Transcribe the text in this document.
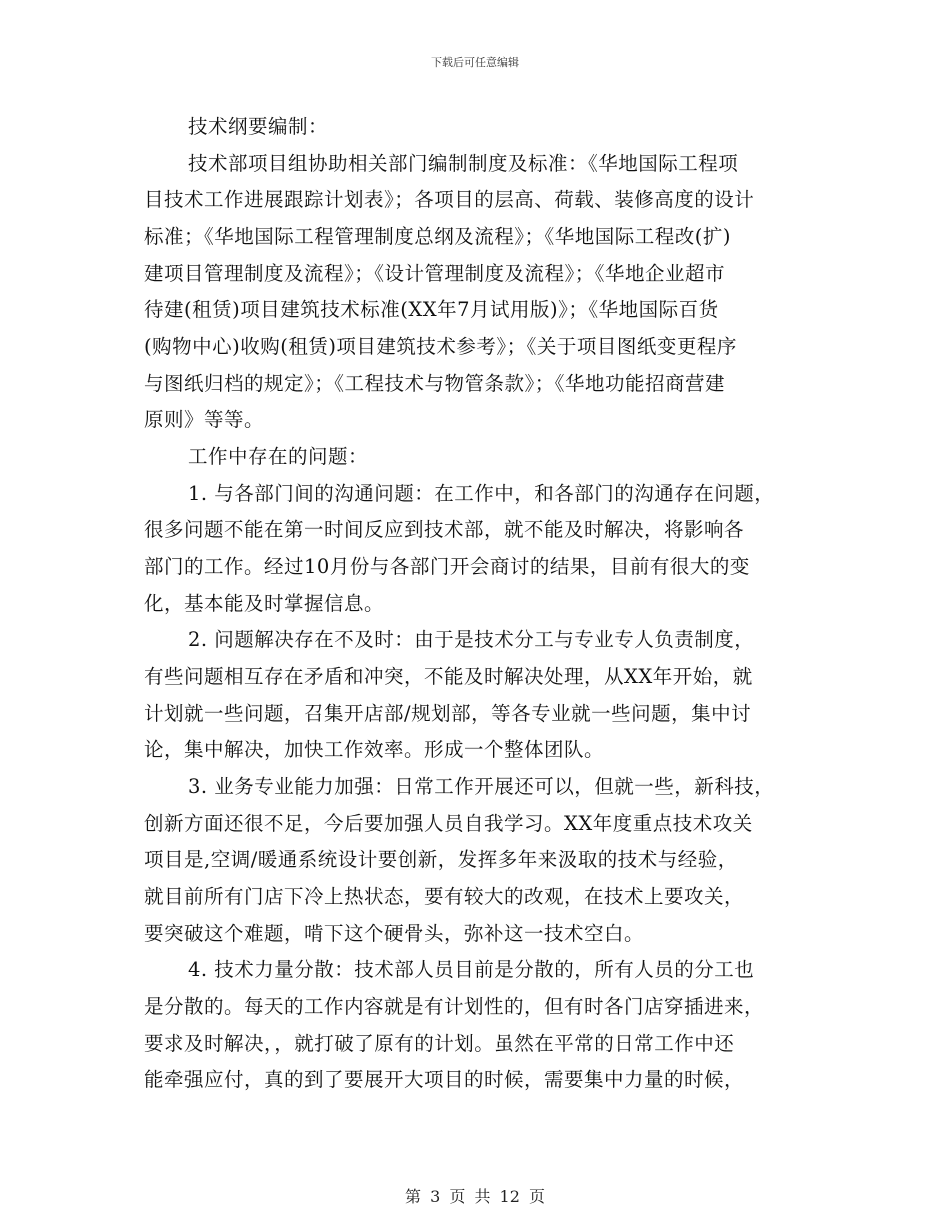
下载后可任意编辑
技术纲要编制：
技术部项目组协助相关部门编制制度及标准：《华地国际工程项
目技术工作进展跟踪计划表》；各项目的层高、荷载、装修高度的设计
标准；《华地国际工程管理制度总纲及流程》；《华地国际工程改(扩)
建项目管理制度及流程》；《设计管理制度及流程》；《华地企业超市
待建(租赁)项目建筑技术标准(XX年7月试用版)》；《华地国际百货
(购物中心)收购(租赁)项目建筑技术参考》；《关于项目图纸变更程序
与图纸归档的规定》；《工程技术与物管条款》；《华地功能招商营建
原则》等等。
工作中存在的问题：
1. 与各部门间的沟通问题：在工作中，和各部门的沟通存在问题，
很多问题不能在第一时间反应到技术部，就不能及时解决，将影响各
部门的工作。经过10月份与各部门开会商讨的结果，目前有很大的变
化，基本能及时掌握信息。
2. 问题解决存在不及时：由于是技术分工与专业专人负责制度，
有些问题相互存在矛盾和冲突，不能及时解决处理，从XX年开始，就
计划就一些问题，召集开店部/规划部，等各专业就一些问题，集中讨
论，集中解决，加快工作效率。形成一个整体团队。
3. 业务专业能力加强：日常工作开展还可以，但就一些，新科技，
创新方面还很不足，今后要加强人员自我学习。XX年度重点技术攻关
项目是,空调/暖通系统设计要创新，发挥多年来汲取的技术与经验，
就目前所有门店下冷上热状态，要有较大的改观，在技术上要攻关，
要突破这个难题，啃下这个硬骨头，弥补这一技术空白。
4. 技术力量分散：技术部人员目前是分散的，所有人员的分工也
是分散的。每天的工作内容就是有计划性的，但有时各门店穿插进来，
要求及时解决，，就打破了原有的计划。虽然在平常的日常工作中还
能牵强应付，真的到了要展开大项目的时候，需要集中力量的时候，
第 3 页 共 12 页
